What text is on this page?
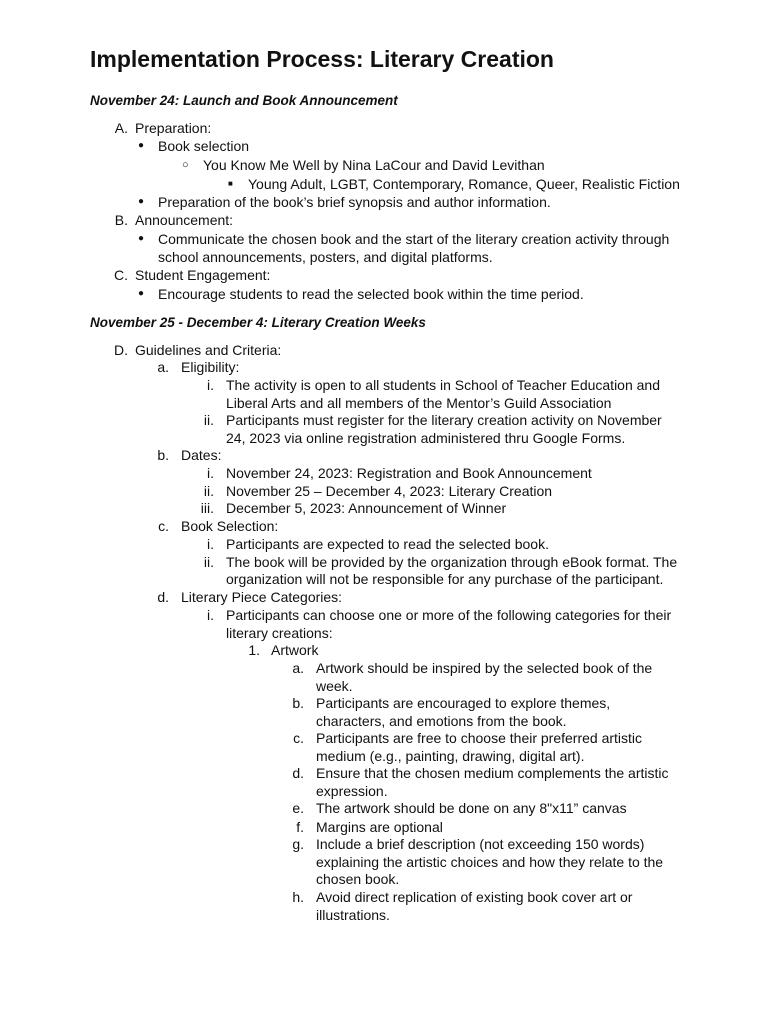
Implementation Process: Literary Creation
November 24: Launch and Book Announcement
A. Preparation:
● Book selection
○ You Know Me Well by Nina LaCour and David Levithan
■ Young Adult, LGBT, Contemporary, Romance, Queer, Realistic Fiction
● Preparation of the book’s brief synopsis and author information.
B. Announcement:
● Communicate the chosen book and the start of the literary creation activity through
school announcements, posters, and digital platforms.
C. Student Engagement:
● Encourage students to read the selected book within the time period.
November 25 - December 4: Literary Creation Weeks
D. Guidelines and Criteria:
a. Eligibility:
i. The activity is open to all students in School of Teacher Education and
Liberal Arts and all members of the Mentor’s Guild Association
ii. Participants must register for the literary creation activity on November
24, 2023 via online registration administered thru Google Forms.
b. Dates:
i. November 24, 2023: Registration and Book Announcement
ii. November 25 – December 4, 2023: Literary Creation
iii. December 5, 2023: Announcement of Winner
c. Book Selection:
i. Participants are expected to read the selected book.
ii. The book will be provided by the organization through eBook format. The
organization will not be responsible for any purchase of the participant.
d. Literary Piece Categories:
i. Participants can choose one or more of the following categories for their
literary creations:
1. Artwork
a. Artwork should be inspired by the selected book of the
week.
b. Participants are encouraged to explore themes,
characters, and emotions from the book.
c. Participants are free to choose their preferred artistic
medium (e.g., painting, drawing, digital art).
d. Ensure that the chosen medium complements the artistic
expression.
e. The artwork should be done on any 8"x11” canvas
f. Margins are optional
g. Include a brief description (not exceeding 150 words)
explaining the artistic choices and how they relate to the
chosen book.
h. Avoid direct replication of existing book cover art or
illustrations.
